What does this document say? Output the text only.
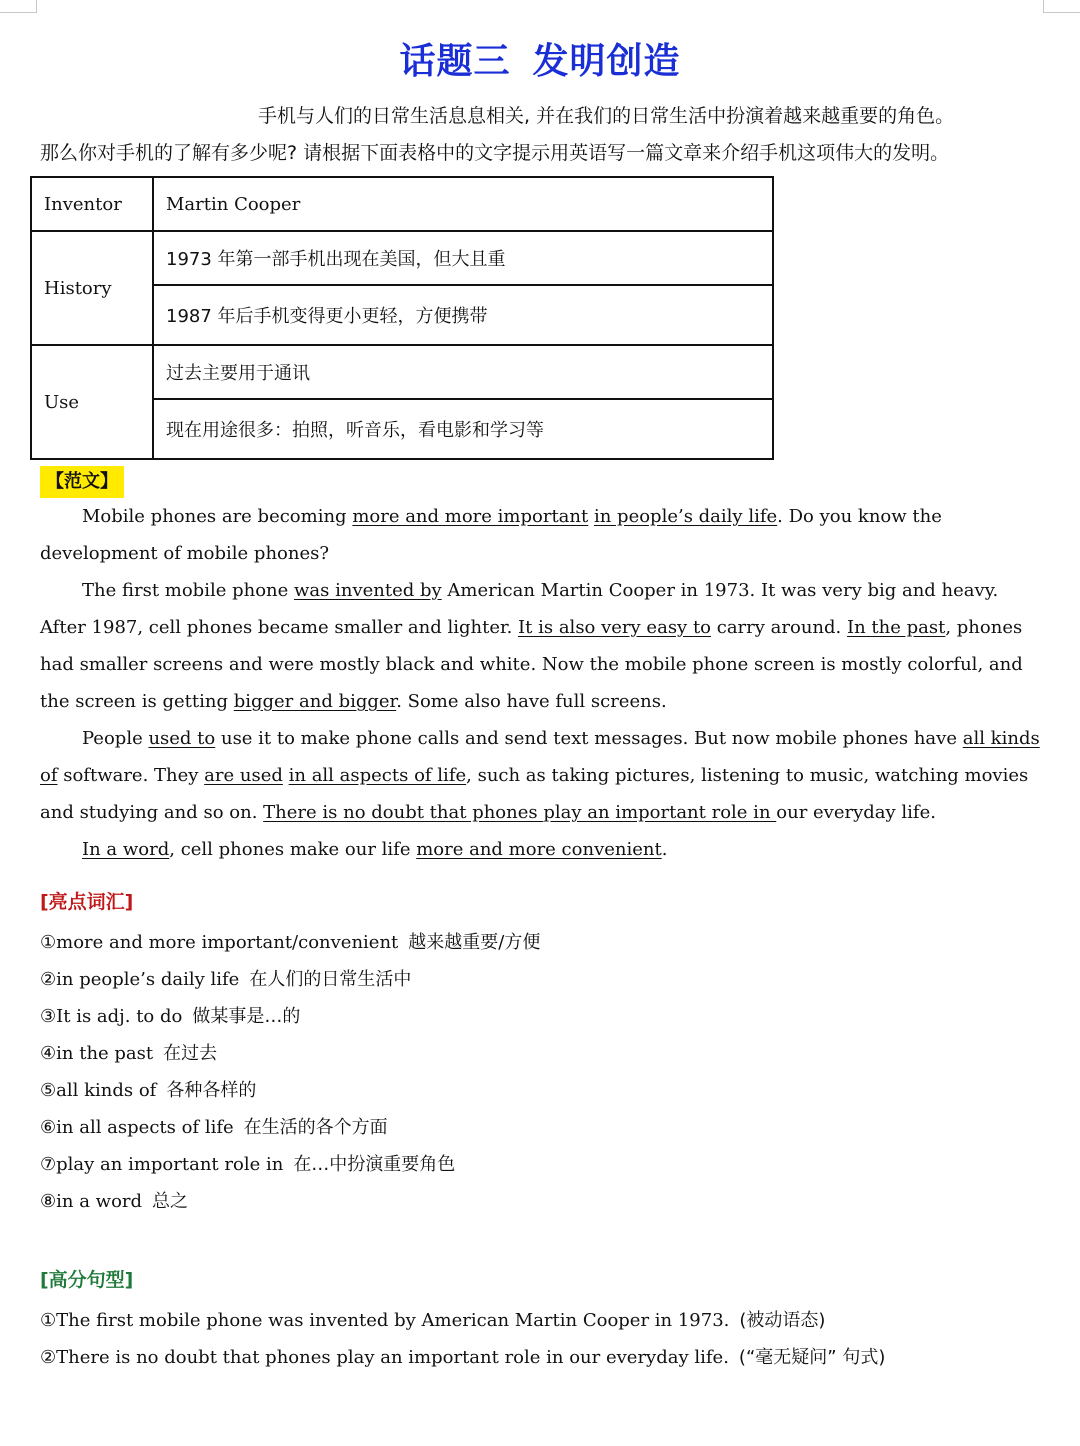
话题三 发明创造

手机与人们的日常生活息息相关, 并在我们的日常生活中扮演着越来越重要的角色。
那么你对手机的了解有多少呢? 请根据下面表格中的文字提示用英语写一篇文章来介绍手机这项伟大的发明。

Inventor	Martin Cooper
History	1973 年第一部手机出现在美国，但大且重
	1987 年后手机变得更小更轻，方便携带
Use	过去主要用于通讯
	现在用途很多：拍照，听音乐，看电影和学习等
【范文】

Mobile phones are becoming more and more important in people’s daily life. Do you know the development of mobile phones?

The first mobile phone was invented by American Martin Cooper in 1973. It was very big and heavy. After 1987, cell phones became smaller and lighter. It is also very easy to carry around. In the past, phones had smaller screens and were mostly black and white. Now the mobile phone screen is mostly colorful, and the screen is getting bigger and bigger. Some also have full screens.

People used to use it to make phone calls and send text messages. But now mobile phones have all kinds of software. They are used in all aspects of life, such as taking pictures, listening to music, watching movies and studying and so on. There is no doubt that phones play an important role in our everyday life.

In a word, cell phones make our life more and more convenient.

[亮点词汇]
①more and more important/convenient 越来越重要/方便
②in people’s daily life 在人们的日常生活中
③It is adj. to do 做某事是…的
④in the past 在过去
⑤all kinds of 各种各样的
⑥in all aspects of life 在生活的各个方面
⑦play an important role in 在…中扮演重要角色
⑧in a word 总之
[高分句型]
①The first mobile phone was invented by American Martin Cooper in 1973. (被动语态)
②There is no doubt that phones play an important role in our everyday life. (“毫无疑问” 句式)
